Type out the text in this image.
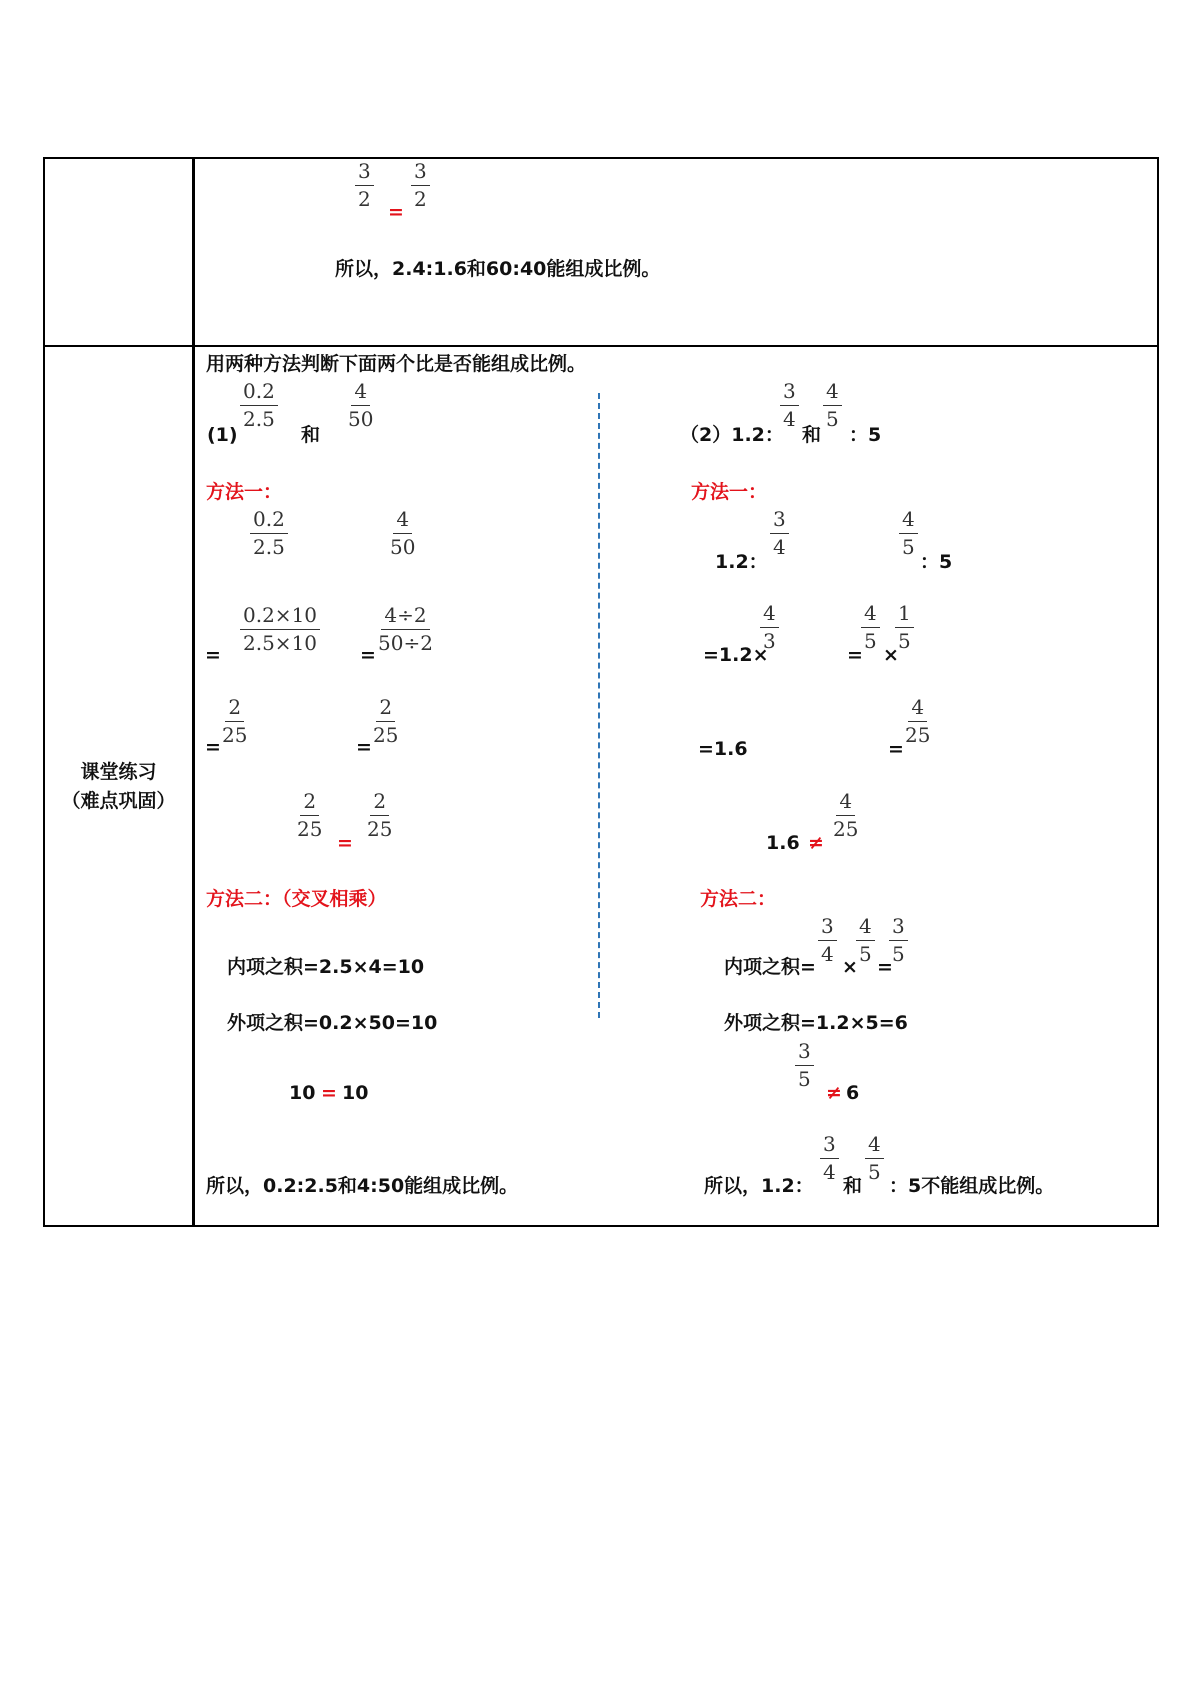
$\frac{3}{2}$
=
$\frac{3}{2}$
所以，2.4:1.6和60:40能组成比例。
课堂练习
（难点巩固）
用两种方法判断下面两个比是否能组成比例。
(1)
$\frac{0.2}{2.5}$
和
$\frac{4}{50}$
方法一：
$\frac{0.2}{2.5}$	$\frac{4}{50}$
= $\frac{0.2\times 10}{2.5\times 10} = \frac{4\div 2}{50\div 2}$
=
$\frac{2}{25}$	=
$\frac{2}{25}$
$\frac{2}{25}$
=
$\frac{2}{25}$
方法二：（交叉相乘）
内项之积=2.5×4=10
外项之积=0.2×50=10
10 = 10
所以，0.2:2.5和4:50能组成比例。
（2）1.2：
$\frac{3}{4}$
和
$\frac{4}{5}$
：5
方法一：
1.2：
$\frac{3}{4}$	$\frac{4}{5}$
：5
=1.2×
$\frac{4}{3}$
=
$\frac{4}{5}$
×
$\frac{1}{5}$
=1.6	=
$\frac{4}{25}$
1.6 ≠
$\frac{4}{25}$
方法二：
内项之积=
$\frac{3}{4}$
×
$\frac{4}{5}$
=
$\frac{3}{5}$
外项之积=1.2×5=6
$\frac{3}{5}$
≠ 6
所以，1.2：
$\frac{3}{4}$
和
$\frac{4}{5}$
：5不能组成比例。
